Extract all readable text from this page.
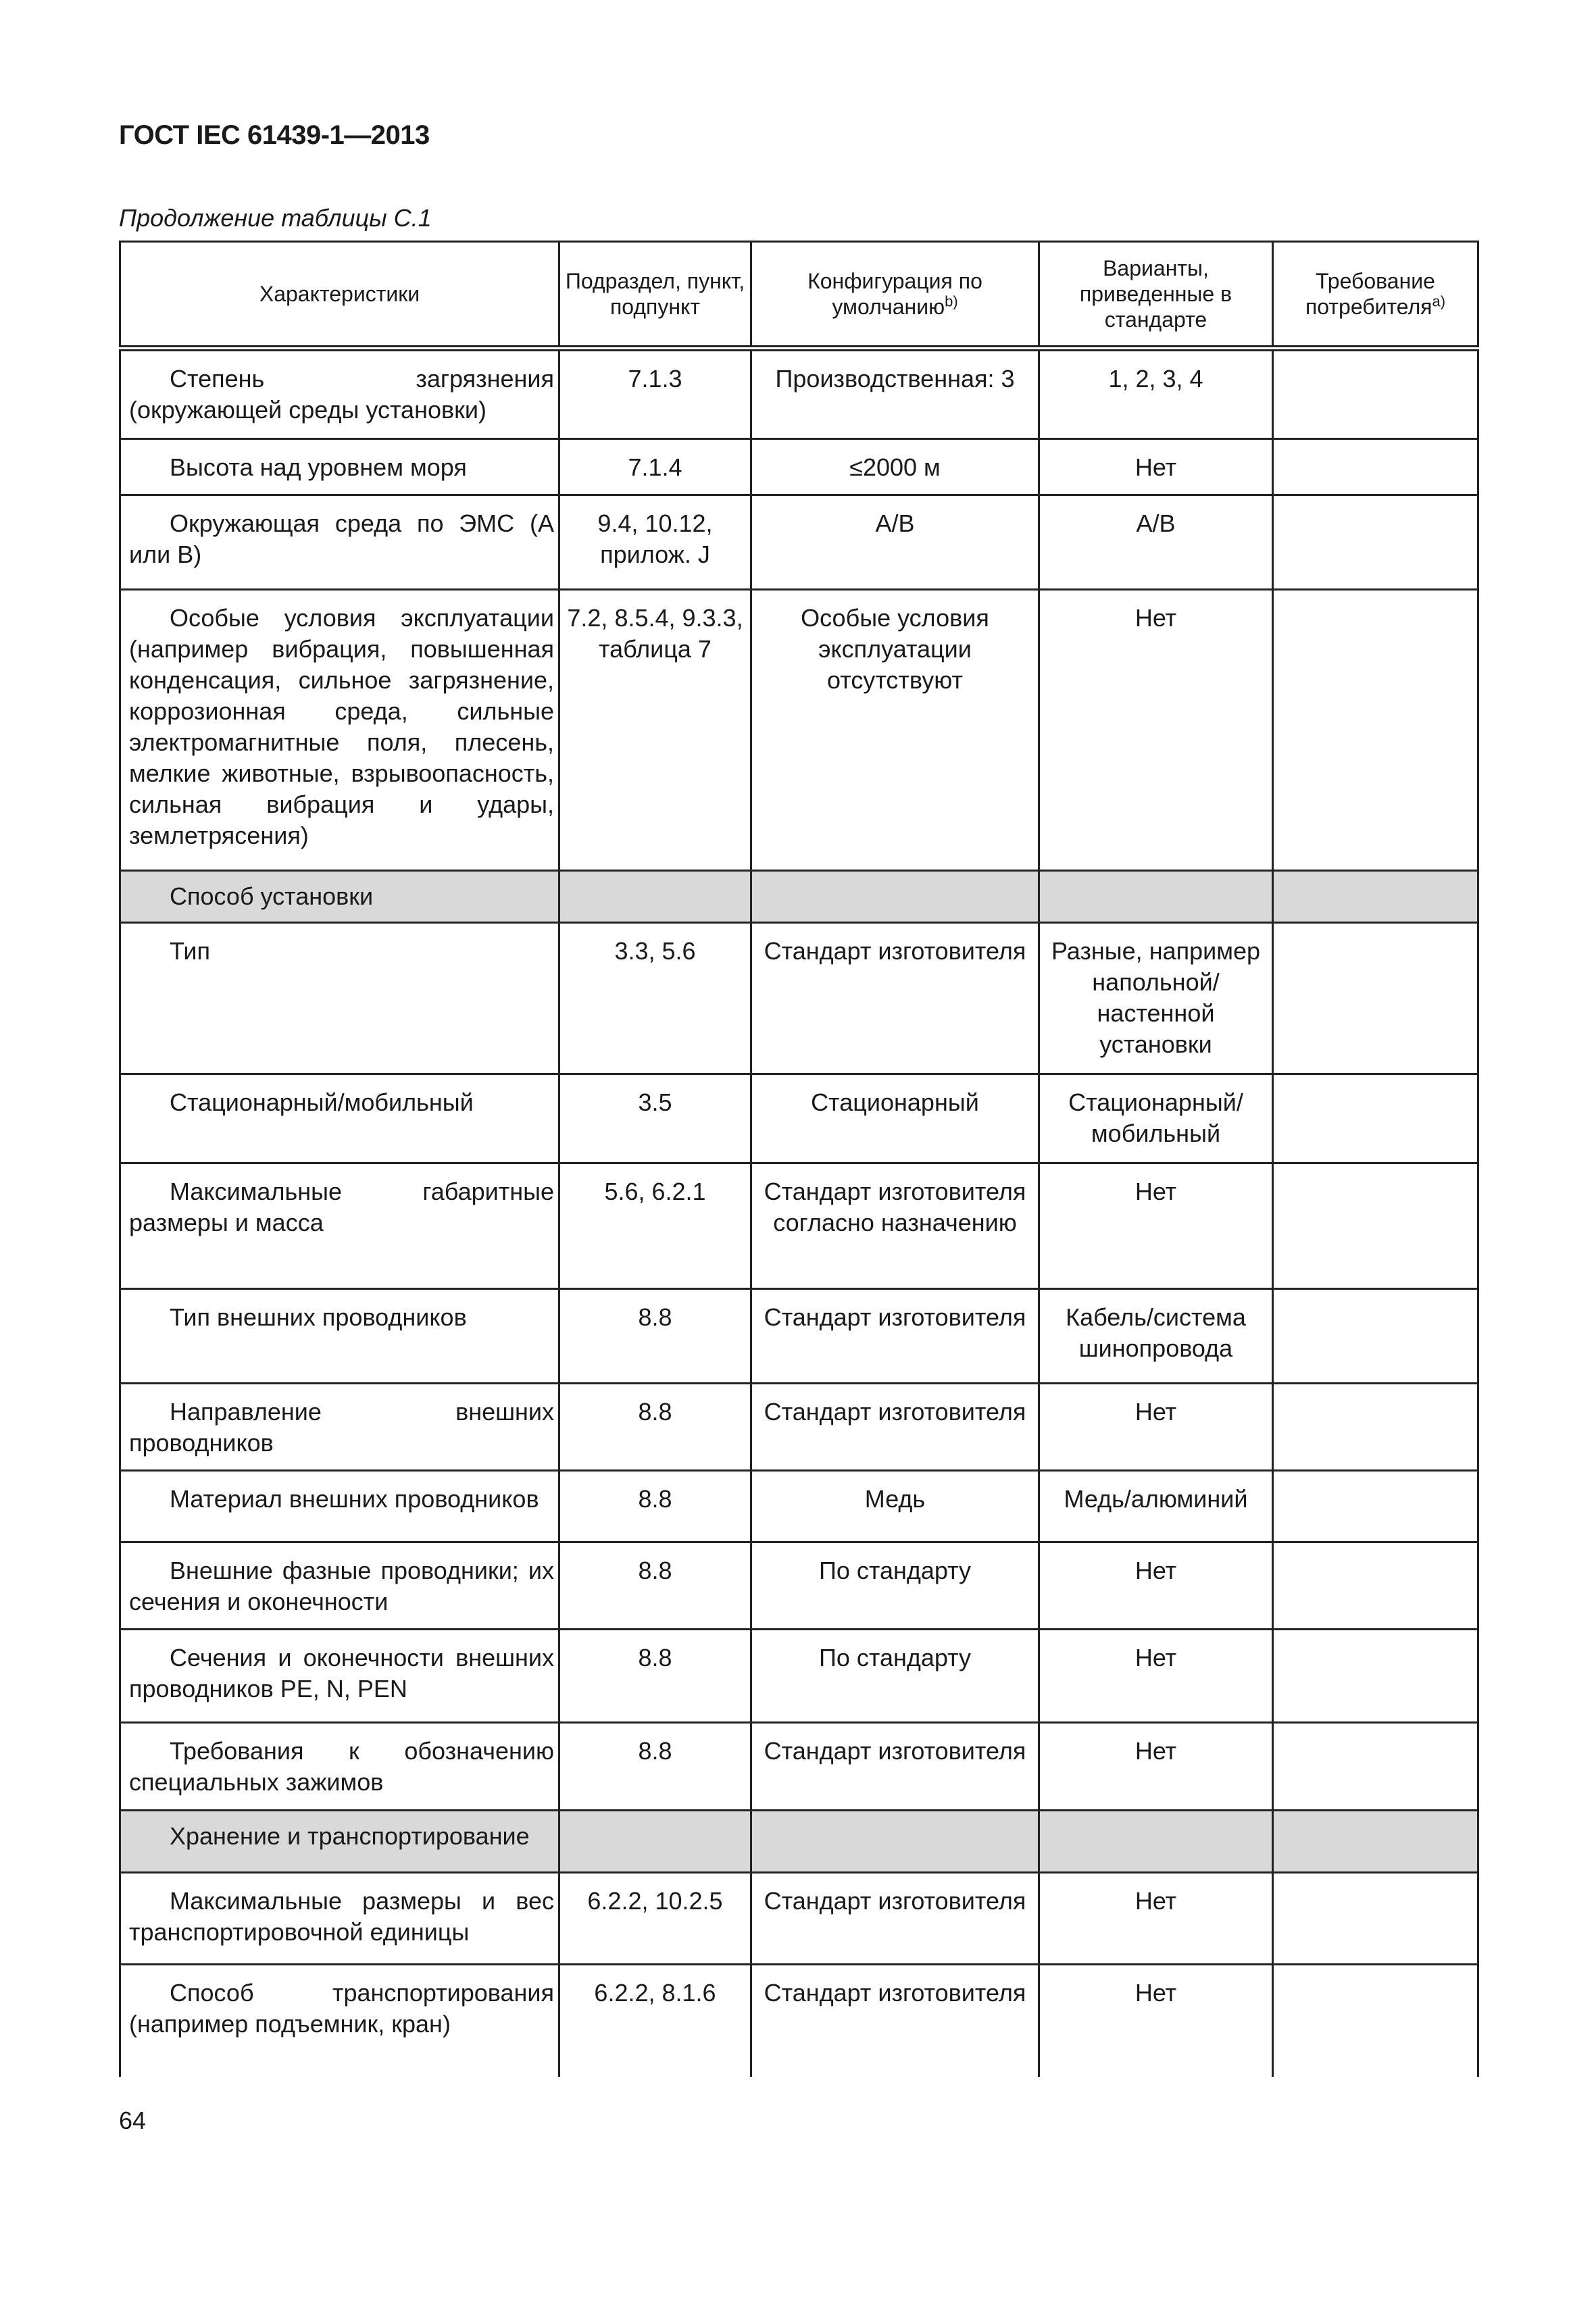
ГОСТ IEC 61439-1—2013
Продолжение таблицы С.1
Характеристики	Подраздел, пункт, подпункт	Конфигурация по умолчанию$^{b)}$	Варианты, приведенные в стандарте	Требование потребителя$^{a)}$
Степень загрязнения (окружающей среды установки)	7.1.3	Производственная: 3	1, 2, 3, 4	
Высота над уровнем моря	7.1.4	≤2000 м	Нет	
Окружающая среда по ЭМС (А или В)	9.4, 10.12, прилож. J	А/В	А/В	
Особые условия эксплуатации (например вибрация, повышенная конденсация, сильное загрязнение, коррозионная среда, сильные электромагнитные поля, плесень, мелкие животные, взрывоопасность, сильная вибрация и удары, землетрясения)	7.2, 8.5.4, 9.3.3, таблица 7	Особые условия эксплуатации отсутствуют	Нет	
Способ установки				
Тип	3.3, 5.6	Стандарт изготовителя	Разные, например напольной/настенной установки	
Стационарный/мобильный	3.5	Стационарный	Стационарный/мобильный	
Максимальные габаритные размеры и масса	5.6, 6.2.1	Стандарт изготовителя согласно назначению	Нет	
Тип внешних проводников	8.8	Стандарт изготовителя	Кабель/система шинопровода	
Направление внешних проводников	8.8	Стандарт изготовителя	Нет	
Материал внешних проводников	8.8	Медь	Медь/алюминий	
Внешние фазные проводники; их сечения и оконечности	8.8	По стандарту	Нет	
Сечения и оконечности внешних проводников PE, N, PEN	8.8	По стандарту	Нет	
Требования к обозначению специальных зажимов	8.8	Стандарт изготовителя	Нет	
Хранение и транспортирование				
Максимальные размеры и вес транспортировочной единицы	6.2.2, 10.2.5	Стандарт изготовителя	Нет	
Способ транспортирования (например подъемник, кран)	6.2.2, 8.1.6	Стандарт изготовителя	Нет	
64
